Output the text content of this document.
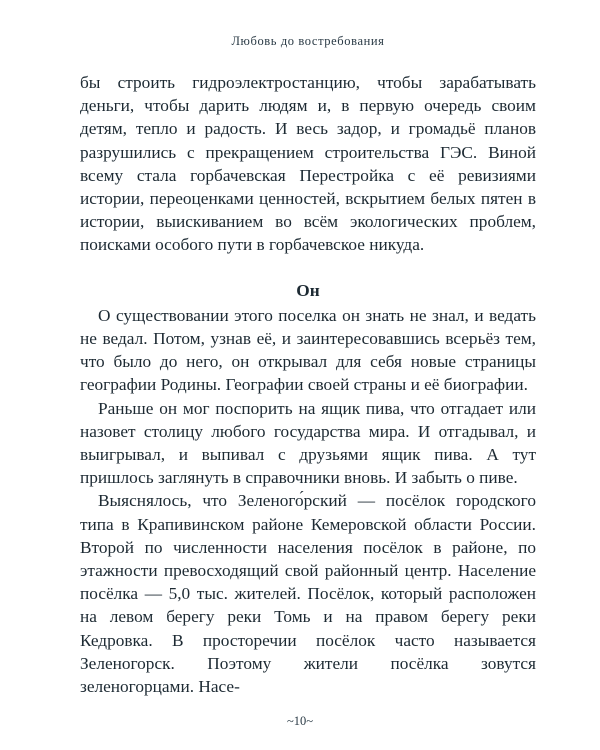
Любовь до востребования

бы строить гидроэлектростанцию, чтобы зарабатывать деньги, чтобы дарить людям и, в первую очередь своим детям, тепло и радость. И весь задор, и громадьё планов разрушились с прекращением строительства ГЭС. Виной всему стала горбачевская Перестройка с её ревизиями истории, переоценками ценностей, вскрытием белых пятен в истории, выискиванием во всём экологических проблем, поисками особого пути в горбачевское никуда.

Он

О существовании этого поселка он знать не знал, и ведать не ведал. Потом, узнав её, и заинтересовавшись всерьёз тем, что было до него, он открывал для себя новые страницы географии Родины. Географии своей страны и её биографии.

Раньше он мог поспорить на ящик пива, что отгадает или назовет столицу любого государства мира. И отгадывал, и выигрывал, и выпивал с друзьями ящик пива. А тут пришлось заглянуть в справочники вновь. И забыть о пиве.

Выяснялось, что Зеленого́рский — посёлок городского типа в Крапивинском районе Кемеровской области России. Второй по численности населения посёлок в районе, по этажности превосходящий свой районный центр. Население посёлка — 5,0 тыс. жителей. Посёлок, который расположен на левом берегу реки Томь и на правом берегу реки Кедровка. В просторечии посёлок часто называется Зеленогорск. Поэтому жители посёлка зовутся зеленогорцами. Насе-

~10~
